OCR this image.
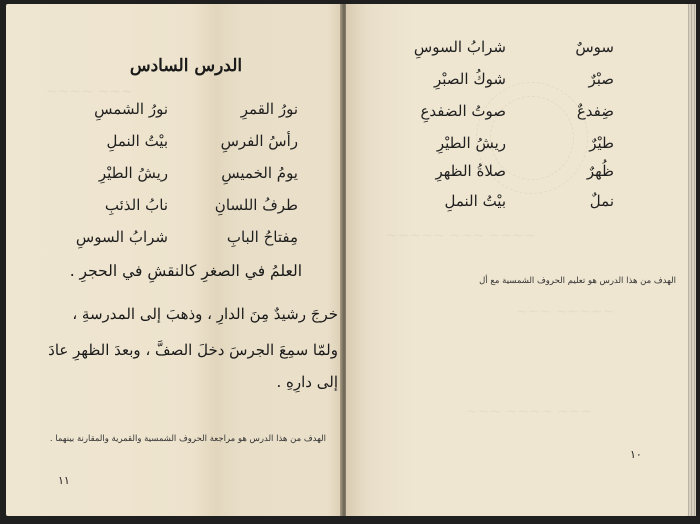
~~~ ~~~~
الدرس السادس
نورُ القمرِ
نورُ الشمسِ
رأسُ الفرسِ
بيْتُ النملِ
يومُ الخميسِ
ريشُ الطيْرِ
طرفُ اللسانِ
نابُ الذئبِ
مِفتاحُ البابِ
شرابُ السوسِ
العلمُ في الصغرِ كالنقشِ في الحجرِ .
خرجَ رشيدٌ مِنَ الدارِ ، وذهبَ إلى المدرسةِ ،
ولمّا سمِعَ الجرسَ دخلَ الصفَّ ، وبعدَ الظهرِ عادَ
إلى دارِهِ .
الهدف من هذا الدرس هو مراجعة الحروف الشمسية والقمرية والمقارنة بينهما .
١١
~~~~ ~~~ ~~~~~
~~~~~ ~~~
~~~ ~~~~ ~~~
سوسٌ
شرابُ السوسِ
صبْرٌ
شوكُ الصبْرِ
ضِفدعٌ
صوتُ الضفدعِ
طيْرٌ
ريشُ الطيْرِ
ظُهرٌ
صلاةُ الظهرِ
نملٌ
بيْتُ النملِ
الهدف من هذا الدرس هو تعليم الحروف الشمسية مع أل
١٠
